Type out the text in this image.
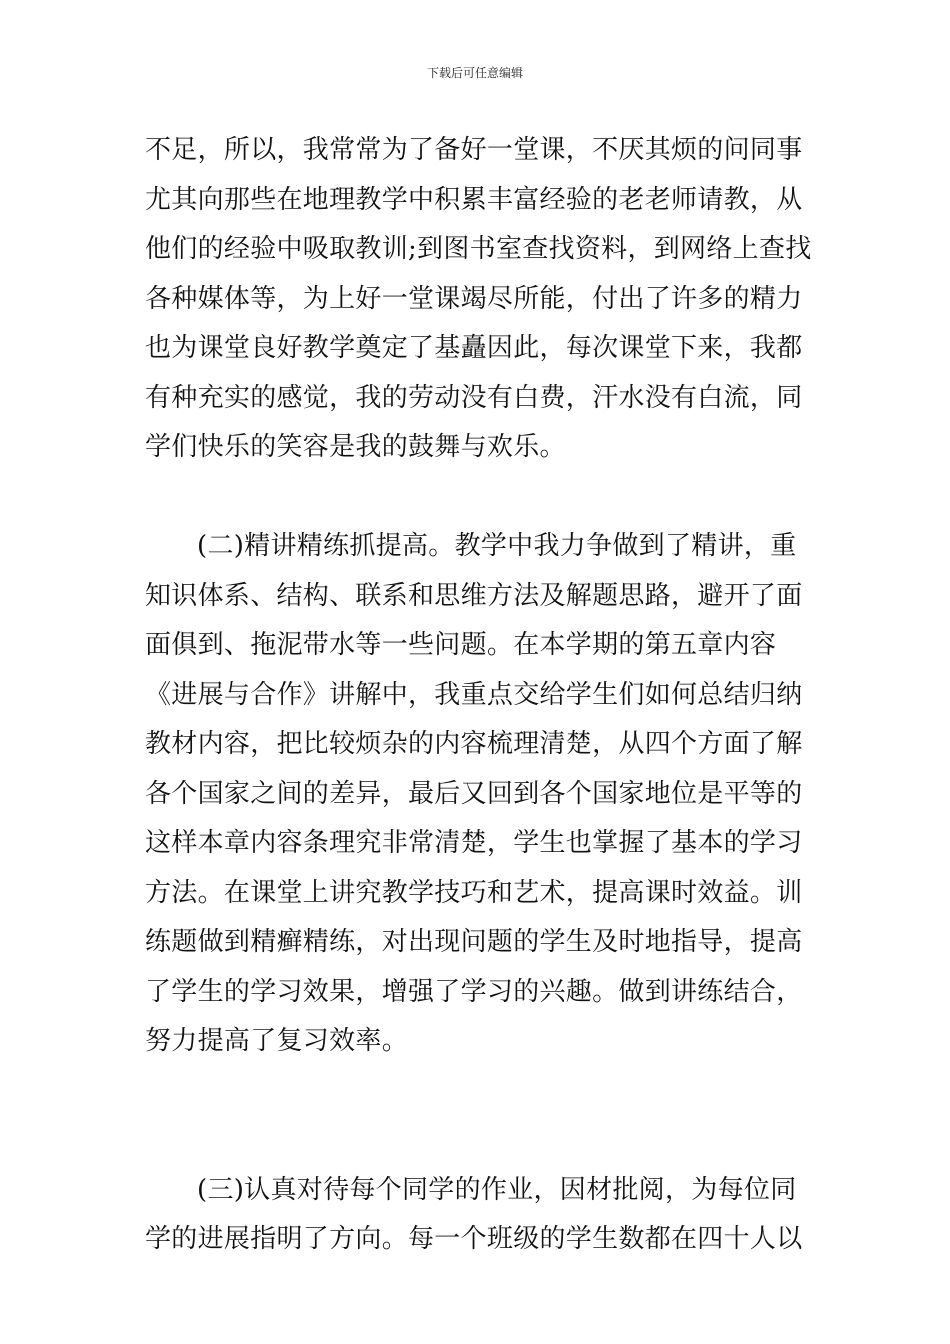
下载后可任意编辑
不足，所以，我常常为了备好一堂课，不厌其烦的问同事
尤其向那些在地理教学中积累丰富经验的老老师请教，从
他们的经验中吸取教训;到图书室查找资料，到网络上查找
各种媒体等，为上好一堂课竭尽所能，付出了许多的精力
也为课堂良好教学奠定了基矗因此，每次课堂下来，我都
有种充实的感觉，我的劳动没有白费，汗水没有白流，同
学们快乐的笑容是我的鼓舞与欢乐。
(二)精讲精练抓提高。教学中我力争做到了精讲，重
知识体系、结构、联系和思维方法及解题思路，避开了面
面俱到、拖泥带水等一些问题。在本学期的第五章内容
《进展与合作》讲解中，我重点交给学生们如何总结归纳
教材内容，把比较烦杂的内容梳理清楚，从四个方面了解
各个国家之间的差异，最后又回到各个国家地位是平等的
这样本章内容条理究非常清楚，学生也掌握了基本的学习
方法。在课堂上讲究教学技巧和艺术，提高课时效益。训
练题做到精癣精练，对出现问题的学生及时地指导，提高
了学生的学习效果，增强了学习的兴趣。做到讲练结合，
努力提高了复习效率。
(三)认真对待每个同学的作业，因材批阅，为每位同
学的进展指明了方向。每一个班级的学生数都在四十人以
